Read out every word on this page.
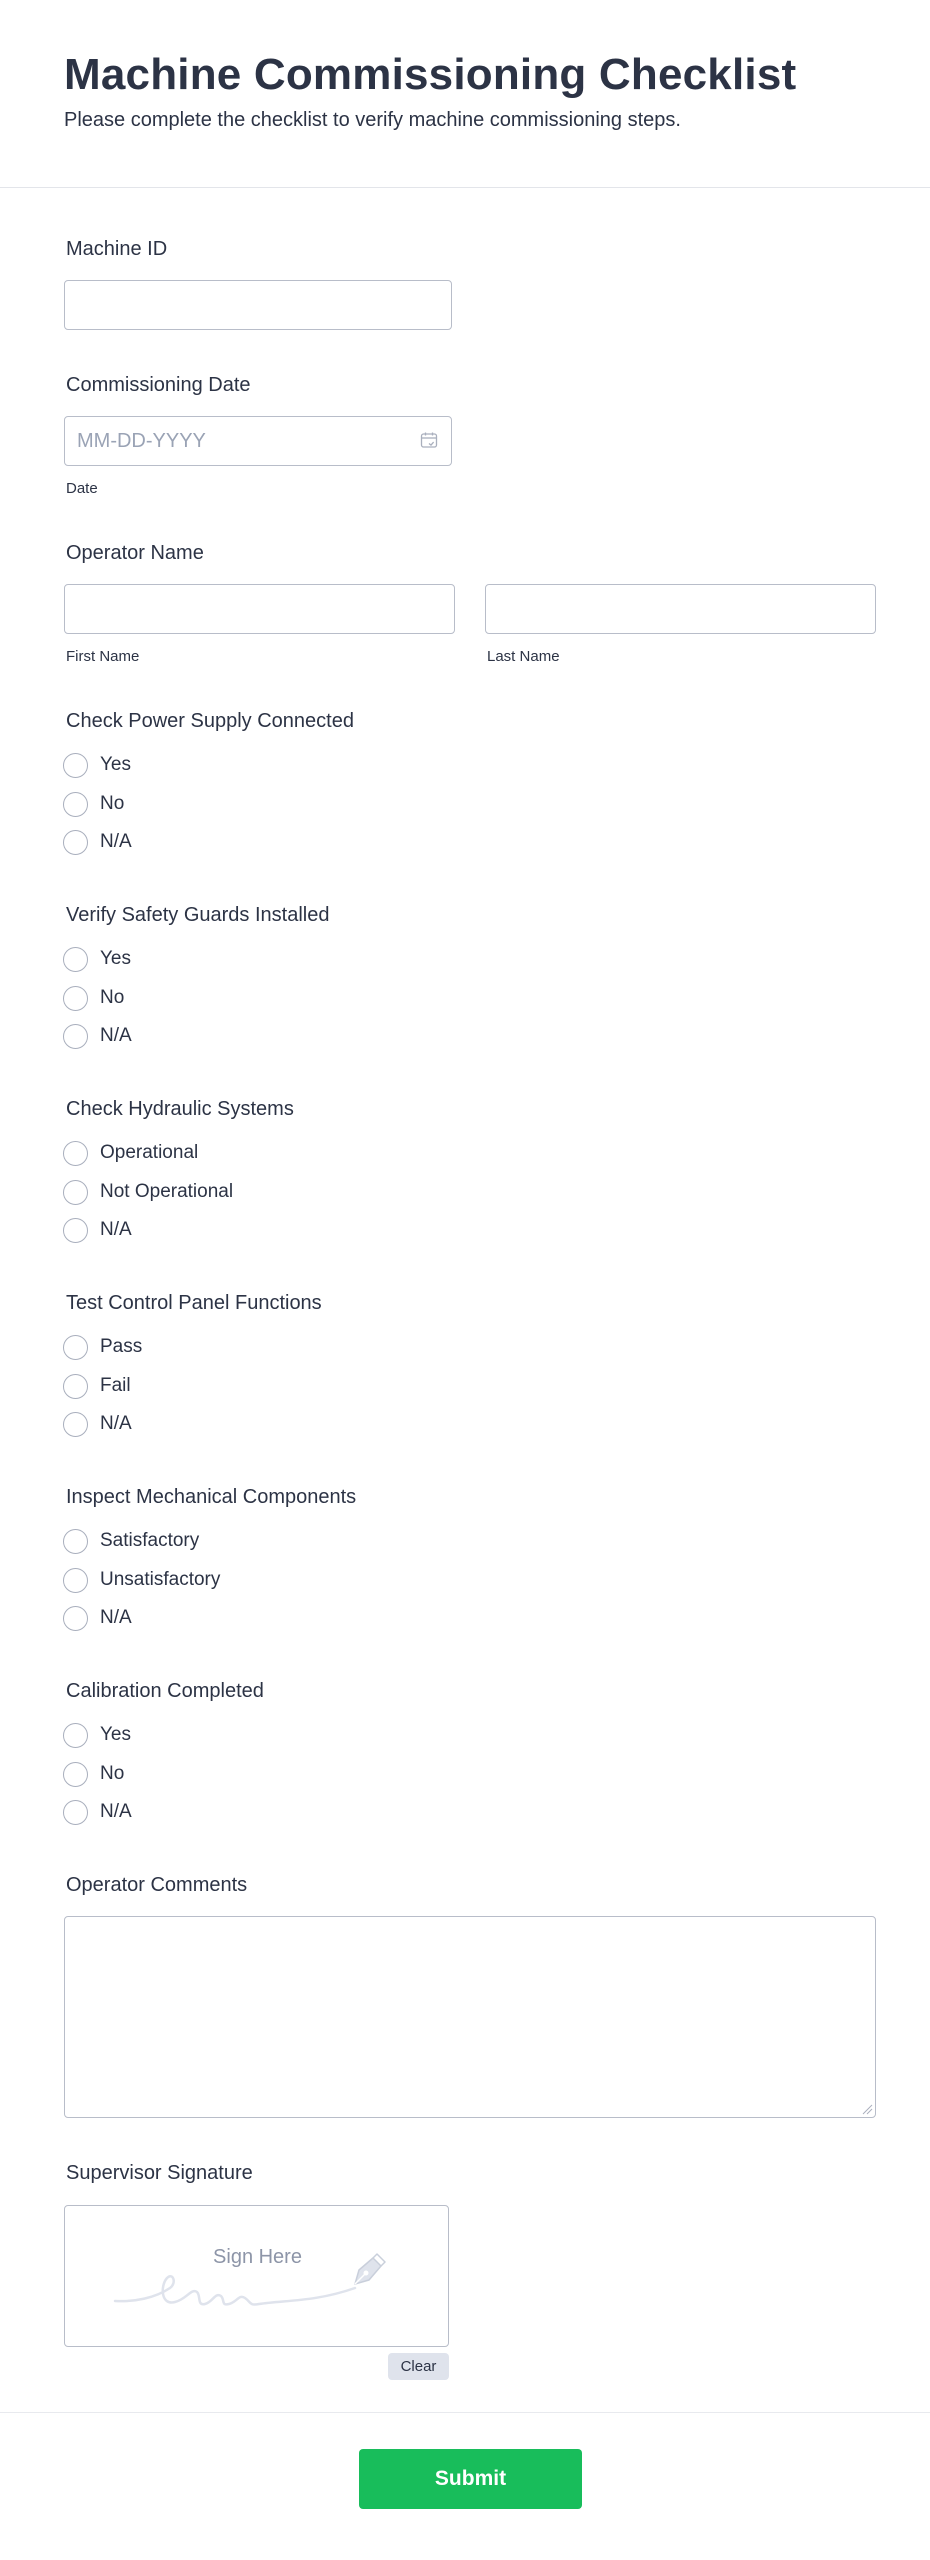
Machine Commissioning Checklist
Please complete the checklist to verify machine commissioning steps.
Machine ID
Commissioning Date
MM-DD-YYYY
Date
Operator Name
First Name	Last Name
Check Power Supply Connected
Yes
No
N/A
Verify Safety Guards Installed
Yes
No
N/A
Check Hydraulic Systems
Operational
Not Operational
N/A
Test Control Panel Functions
Pass
Fail
N/A
Inspect Mechanical Components
Satisfactory
Unsatisfactory
N/A
Calibration Completed
Yes
No
N/A
Operator Comments
Supervisor Signature
Sign Here
Clear
Submit
